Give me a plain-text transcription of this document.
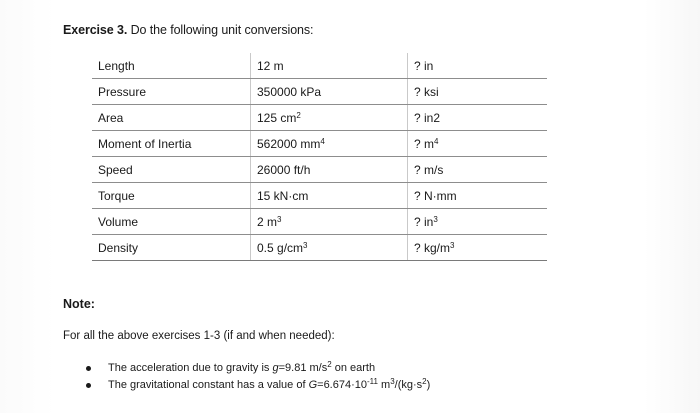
Exercise 3. Do the following unit conversions:
Length	12 m	? in
Pressure	350000 kPa	? ksi
Area	125 $cm^2$	? in2
Moment of Inertia	562000 $mm^4$	? $m^4$
Speed	26000 ft/h	? m/s
Torque	15 kN·cm	? N·mm
Volume	2 $m^3$	? $in^3$
Density	0.5 $g/cm^3$	? $kg/m^3$
Note:
For all the above exercises 1-3 (if and when needed):
The acceleration due to gravity is g=9.81 $m/s^2$ on earth
The gravitational constant has a value of $G=6.674\cdot 10^{-11}$ $m^3/(kg\cdot s^2)$
